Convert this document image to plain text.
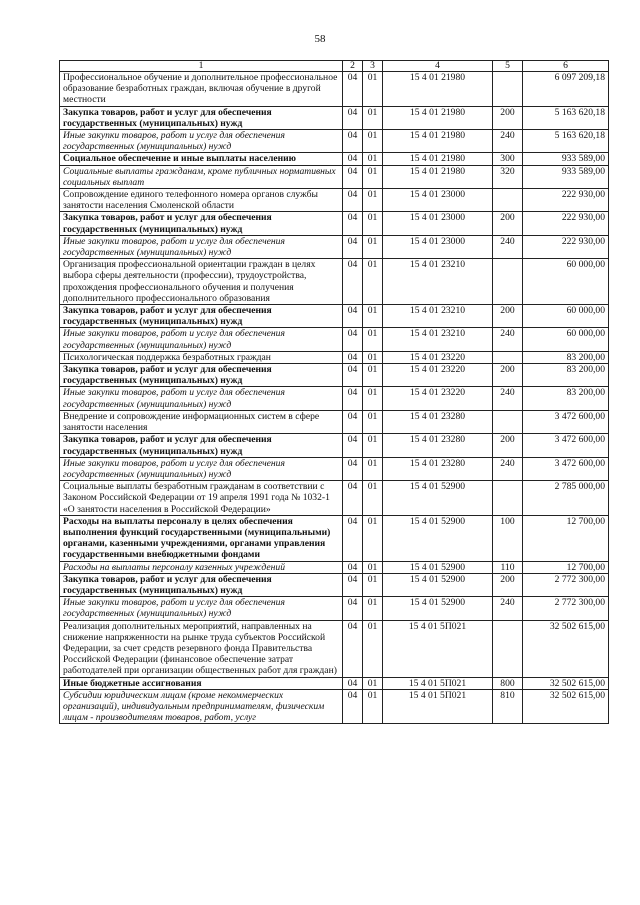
58
1	2	3	4	5	6
Профессиональное обучение и дополнительное профессиональное образование безработных граждан, включая обучение в другой местности	04	01	15 4 01 21980		6 097 209,18
Закупка товаров, работ и услуг для обеспечения государственных (муниципальных) нужд	04	01	15 4 01 21980	200	5 163 620,18
Иные закупки товаров, работ и услуг для обеспечения государственных (муниципальных) нужд	04	01	15 4 01 21980	240	5 163 620,18
Социальное обеспечение и иные выплаты населению	04	01	15 4 01 21980	300	933 589,00
Социальные выплаты гражданам, кроме публичных нормативных социальных выплат	04	01	15 4 01 21980	320	933 589,00
Сопровождение единого телефонного номера органов службы занятости населения Смоленской области	04	01	15 4 01 23000		222 930,00
Закупка товаров, работ и услуг для обеспечения государственных (муниципальных) нужд	04	01	15 4 01 23000	200	222 930,00
Иные закупки товаров, работ и услуг для обеспечения государственных (муниципальных) нужд	04	01	15 4 01 23000	240	222 930,00
Организация профессиональной ориентации граждан в целях выбора сферы деятельности (профессии), трудоустройства, прохождения профессионального обучения и получения дополнительного профессионального образования	04	01	15 4 01 23210		60 000,00
Закупка товаров, работ и услуг для обеспечения государственных (муниципальных) нужд	04	01	15 4 01 23210	200	60 000,00
Иные закупки товаров, работ и услуг для обеспечения государственных (муниципальных) нужд	04	01	15 4 01 23210	240	60 000,00
Психологическая поддержка безработных граждан	04	01	15 4 01 23220		83 200,00
Закупка товаров, работ и услуг для обеспечения государственных (муниципальных) нужд	04	01	15 4 01 23220	200	83 200,00
Иные закупки товаров, работ и услуг для обеспечения государственных (муниципальных) нужд	04	01	15 4 01 23220	240	83 200,00
Внедрение и сопровождение информационных систем в сфере занятости населения	04	01	15 4 01 23280		3 472 600,00
Закупка товаров, работ и услуг для обеспечения государственных (муниципальных) нужд	04	01	15 4 01 23280	200	3 472 600,00
Иные закупки товаров, работ и услуг для обеспечения государственных (муниципальных) нужд	04	01	15 4 01 23280	240	3 472 600,00
Социальные выплаты безработным гражданам в соответствии с Законом Российской Федерации от 19 апреля 1991 года № 1032-1 «О занятости населения в Российской Федерации»	04	01	15 4 01 52900		2 785 000,00
Расходы на выплаты персоналу в целях обеспечения выполнения функций государственными (муниципальными) органами, казенными учреждениями, органами управления государственными внебюджетными фондами	04	01	15 4 01 52900	100	12 700,00
Расходы на выплаты персоналу казенных учреждений	04	01	15 4 01 52900	110	12 700,00
Закупка товаров, работ и услуг для обеспечения государственных (муниципальных) нужд	04	01	15 4 01 52900	200	2 772 300,00
Иные закупки товаров, работ и услуг для обеспечения государственных (муниципальных) нужд	04	01	15 4 01 52900	240	2 772 300,00
Реализация дополнительных мероприятий, направленных на снижение напряженности на рынке труда субъектов Российской Федерации, за счет средств резервного фонда Правительства Российской Федерации (финансовое обеспечение затрат работодателей при организации общественных работ для граждан)	04	01	15 4 01 5П021		32 502 615,00
Иные бюджетные ассигнования	04	01	15 4 01 5П021	800	32 502 615,00
Субсидии юридическим лицам (кроме некоммерческих организаций), индивидуальным предпринимателям, физическим лицам - производителям товаров, работ, услуг	04	01	15 4 01 5П021	810	32 502 615,00
